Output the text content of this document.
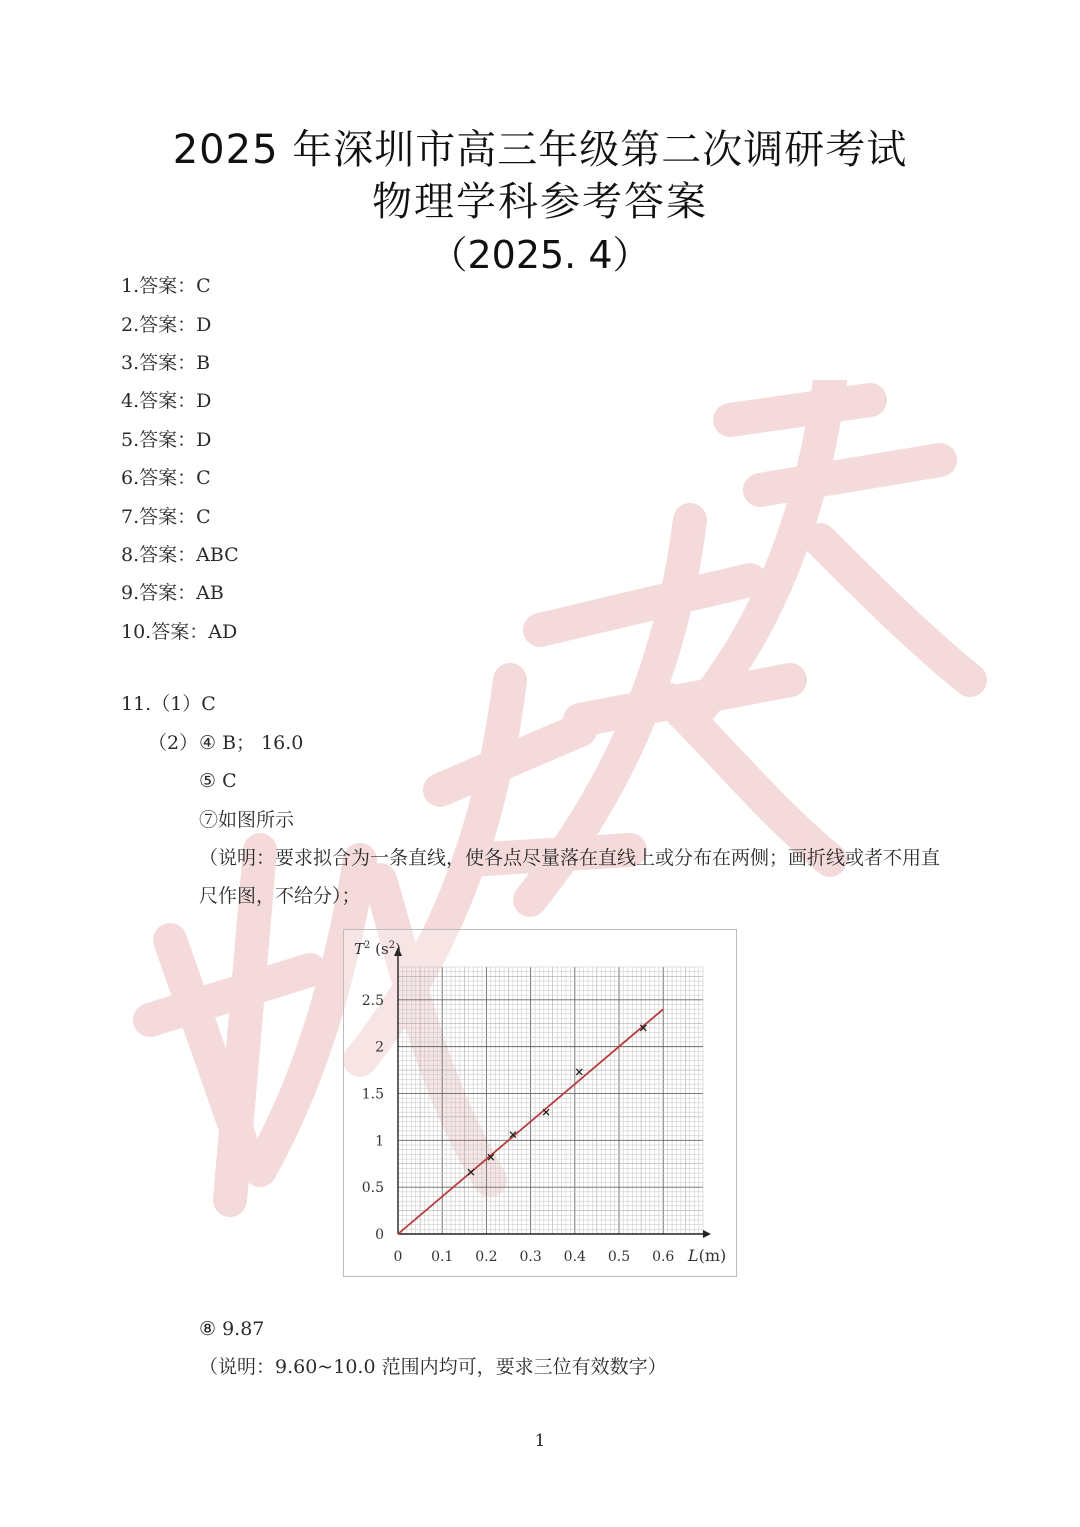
2025 年深圳市高三年级第二次调研考试
物理学科参考答案
（2025. 4）
1.答案：C
2.答案：D
3.答案：B
4.答案：D
5.答案：D
6.答案：C
7.答案：C
8.答案：ABC
9.答案：AB
10.答案：AD
11.（1）C
（2） ④ B； 16.0
⑤ C
⑦如图所示
（说明：要求拟合为一条直线，使各点尽量落在直线上或分布在两侧；画折线或者不用直
尺作图，不给分）；
0 0.1 0.2 0.3 0.4 0.5 0.6
0
0.5
1
1.5
2
2.5
$T^2$ $(s^2)$
L(m)
⑧ 9.87
（说明：9.60~10.0 范围内均可，要求三位有效数字）
1
